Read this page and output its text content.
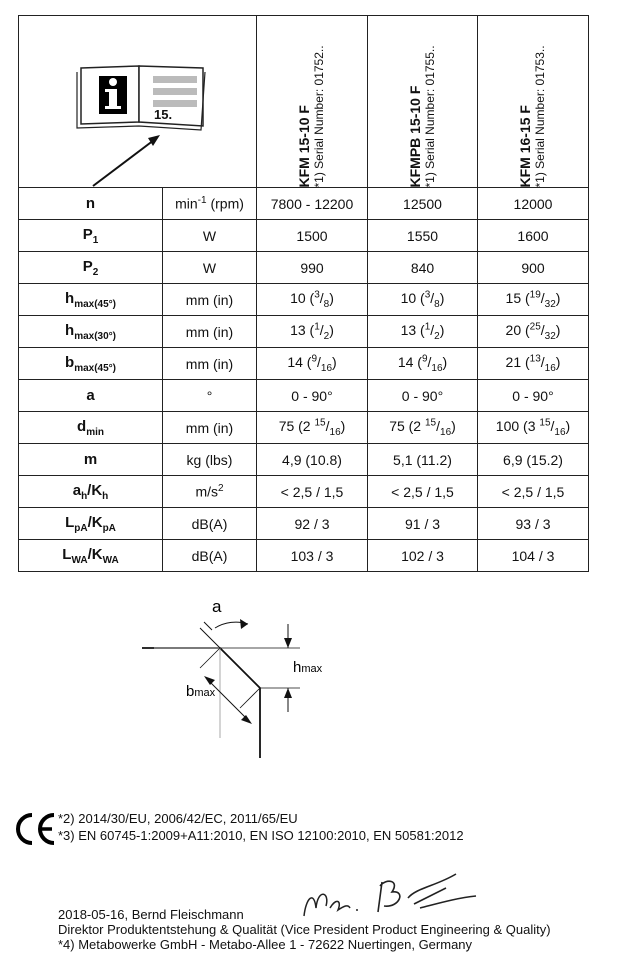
15.		KFM 15-10 F *1) Serial Number: 01752..	KFMPB 15-10 F *1) Serial Number: 01755..	KFM 16-15 F *1) Serial Number: 01753..

n	$\min^{-1} (rpm)$	7800 - 12200	12500	12000
$P_1$	W	1500	1550	1600
$P_2$	W	990	840	900
$h_{max(45^\circ)}$	mm (in)	10 $(^3/_8)$	10 $(^3/_8)$	15 $(^{19}/_{32})$
$h_{max(30^\circ)}$	mm (in)	13 $(^1/_2)$	13 $(^1/_2)$	20 $(^{25}/_{32})$
$b_{max(45^\circ)}$	mm (in)	14 $(^9/_{16})$	14 $(^9/_{16})$	21 $(^{13}/_{16})$
a	°	0 - 90°	0 - 90°	0 - 90°
$d_{min}$	mm (in)	75 (2 $^{15}/_{16}$)	75 (2 $^{15}/_{16}$)	100 (3 $^{15}/_{16}$)
m	kg (lbs)	4,9 (10.8)	5,1 (11.2)	6,9 (15.2)
$a_h/K_h$	$m/s^2$	< 2,5 / 1,5	< 2,5 / 1,5	< 2,5 / 1,5
$L_{pA}/K_{pA}$	dB(A)	92 / 3	91 / 3	93 / 3
$L_{WA}/K_{WA}$	dB(A)	103 / 3	102 / 3	104 / 3
a
hmax
bmax
*2) 2014/30/EU, 2006/42/EC, 2011/65/EU
*3) EN 60745-1:2009+A11:2010, EN ISO 12100:2010, EN 50581:2012
2018-05-16, Bernd Fleischmann
Direktor Produktentstehung & Qualität (Vice President Product Engineering & Quality)
*4) Metabowerke GmbH - Metabo-Allee 1 - 72622 Nuertingen, Germany
